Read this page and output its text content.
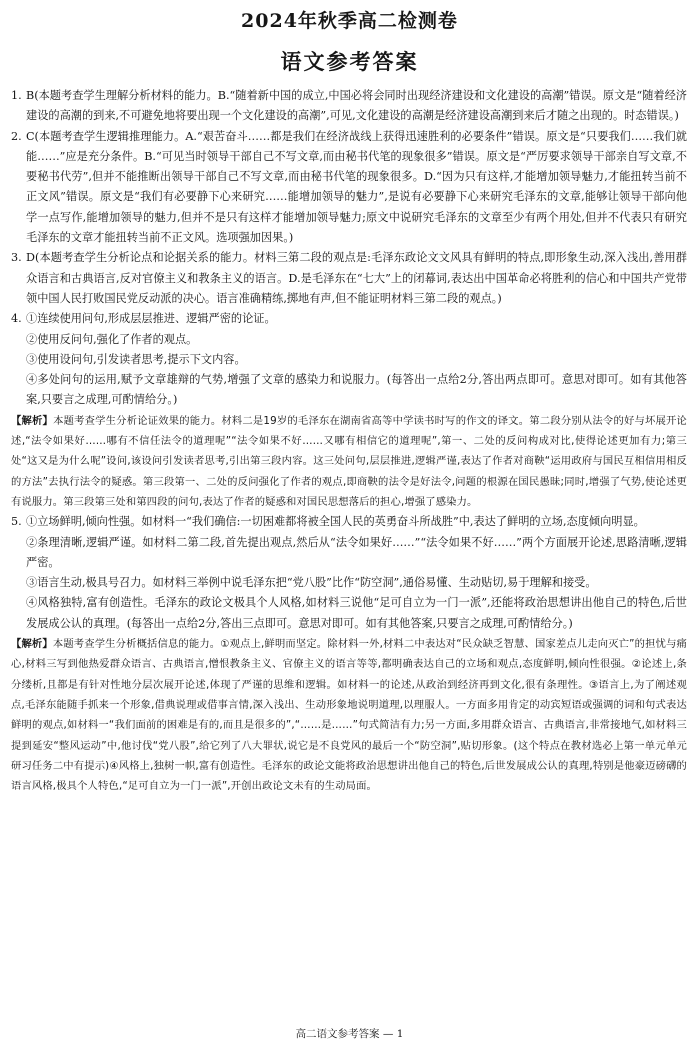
2024年秋季高二检测卷
语文参考答案

1. B(本题考查学生理解分析材料的能力。B.“随着新中国的成立,中国必将会同时出现经济建设和文化建设的高潮”错误。原文是“随着经济建设的高潮的到来,不可避免地将要出现一个文化建设的高潮”,可见,文化建设的高潮是经济建设高潮到来后才随之出现的。时态错误。)

2. C(本题考查学生逻辑推理能力。A.“艰苦奋斗……都是我们在经济战线上获得迅速胜利的必要条件”错误。原文是“只要我们……我们就能……”应是充分条件。B.“可见当时领导干部自己不写文章,而由秘书代笔的现象很多”错误。原文是“严厉要求领导干部亲自写文章,不要秘书代劳”,但并不能推断出领导干部自己不写文章,而由秘书代笔的现象很多。D.“因为只有这样,才能增加领导魅力,才能扭转当前不正文风”错误。原文是“我们有必要静下心来研究……能增加领导的魅力”,是说有必要静下心来研究毛泽东的文章,能够让领导干部向他学一点写作,能增加领导的魅力,但并不是只有这样才能增加领导魅力;原文中说研究毛泽东的文章至少有两个用处,但并不代表只有研究毛泽东的文章才能扭转当前不正文风。选项强加因果。)

3. D(本题考查学生分析论点和论据关系的能力。材料三第二段的观点是:毛泽东政论文文风具有鲜明的特点,即形象生动,深入浅出,善用群众语言和古典语言,反对官僚主义和教条主义的语言。D.是毛泽东在“七大”上的闭幕词,表达出中国革命必将胜利的信心和中国共产党带领中国人民打败国民党反动派的决心。语言准确精练,掷地有声,但不能证明材料三第二段的观点。)

4. ①连续使用问句,形成层层推进、逻辑严密的论证。

②使用反问句,强化了作者的观点。

③使用设问句,引发读者思考,提示下文内容。

④多处问句的运用,赋予文章雄辩的气势,增强了文章的感染力和说服力。(每答出一点给2分,答出两点即可。意思对即可。如有其他答案,只要言之成理,可酌情给分。)

【解析】本题考查学生分析论证效果的能力。材料二是19岁的毛泽东在湖南省高等中学读书时写的作文的译文。第二段分别从法令的好与坏展开论述,“法令如果好……哪有不信任法令的道理呢”“法令如果不好……又哪有相信它的道理呢”,第一、二处的反问构成对比,使得论述更加有力;第三处“这又是为什么呢”设问,该设问引发读者思考,引出第三段内容。这三处问句,层层推进,逻辑严谨,表达了作者对商鞅“运用政府与国民互相信用相反的方法”去执行法令的疑惑。第三段第一、二处的反问强化了作者的观点,即商鞅的法令是好法令,问题的根源在国民愚昧;同时,增强了气势,使论述更有说服力。第三段第三处和第四段的问句,表达了作者的疑惑和对国民思想落后的担心,增强了感染力。

5. ①立场鲜明,倾向性强。如材料一“我们确信:一切困难都将被全国人民的英勇奋斗所战胜”中,表达了鲜明的立场,态度倾向明显。

②条理清晰,逻辑严谨。如材料二第二段,首先提出观点,然后从“法令如果好……”“法令如果不好……”两个方面展开论述,思路清晰,逻辑严密。

③语言生动,极具号召力。如材料三举例中说毛泽东把“党八股”比作“防空洞”,通俗易懂、生动贴切,易于理解和接受。

④风格独特,富有创造性。毛泽东的政论文极具个人风格,如材料三说他“足可自立为一门一派”,还能将政治思想讲出他自己的特色,后世发展成公认的真理。(每答出一点给2分,答出三点即可。意思对即可。如有其他答案,只要言之成理,可酌情给分。)

【解析】本题考查学生分析概括信息的能力。①观点上,鲜明而坚定。除材料一外,材料二中表达对“民众缺乏智慧、国家差点儿走向灭亡”的担忧与痛心,材料三写到他热爱群众语言、古典语言,憎恨教条主义、官僚主义的语言等等,都明确表达自己的立场和观点,态度鲜明,倾向性很强。②论述上,条分缕析,且都是有针对性地分层次展开论述,体现了严谨的思维和逻辑。如材料一的论述,从政治到经济再到文化,很有条理性。③语言上,为了阐述观点,毛泽东能随手抓来一个形象,借典说理或借事言情,深入浅出、生动形象地说明道理,以理服人。一方面多用肯定的动宾短语或强调的词和句式表达鲜明的观点,如材料一“我们面前的困难是有的,而且是很多的”,“……是……”句式简洁有力;另一方面,多用群众语言、古典语言,非常接地气,如材料三提到延安“整风运动”中,他讨伐“党八股”,给它列了八大罪状,说它是不良党风的最后一个“防空洞”,贴切形象。(这个特点在教材选必上第一单元单元研习任务二中有提示)④风格上,独树一帜,富有创造性。毛泽东的政论文能将政治思想讲出他自己的特色,后世发展成公认的真理,特别是他豪迈磅礴的语言风格,极具个人特色,“足可自立为一门一派”,开创出政论文未有的生动局面。

高二语文参考答案 — 1
